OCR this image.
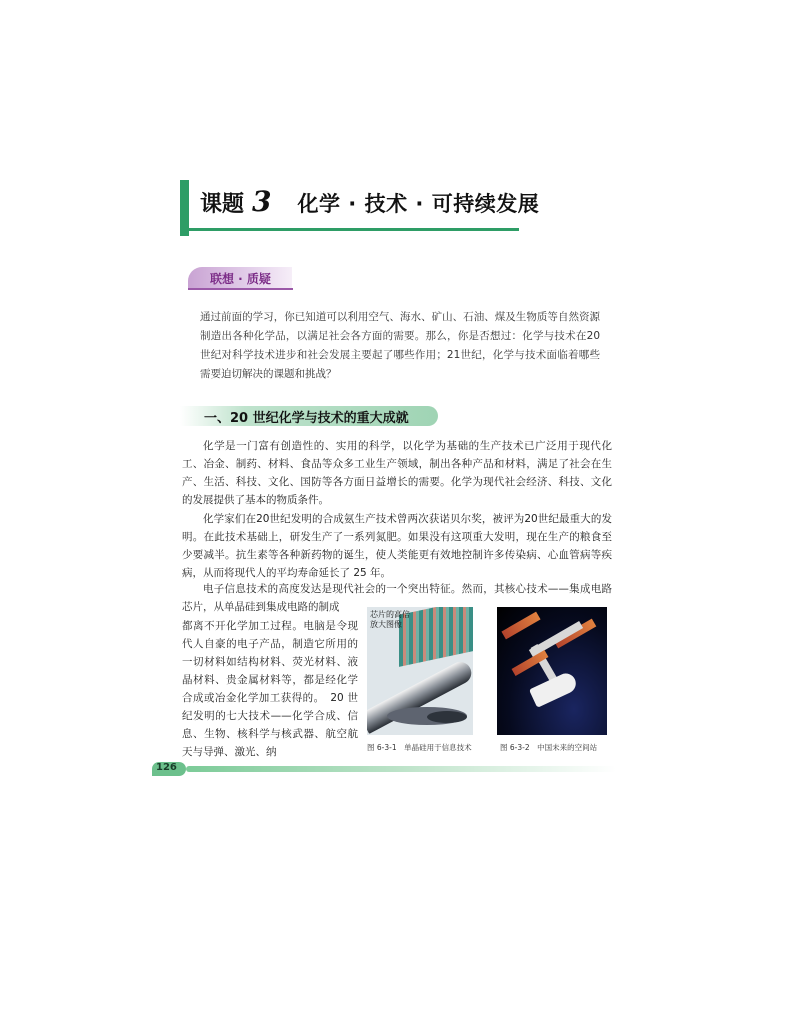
课题 3 化学 · 技术 · 可持续发展
联想 · 质疑

通过前面的学习，你已知道可以利用空气、海水、矿山、石油、煤及生物质等自然资源制造出各种化学品，以满足社会各方面的需要。那么，你是否想过：化学与技术在20世纪对科学技术进步和社会发展主要起了哪些作用；21世纪，化学与技术面临着哪些需要迫切解决的课题和挑战？

一、20 世纪化学与技术的重大成就

化学是一门富有创造性的、实用的科学，以化学为基础的生产技术已广泛用于现代化工、冶金、制药、材料、食品等众多工业生产领域，制出各种产品和材料，满足了社会在生产、生活、科技、文化、国防等各方面日益增长的需要。化学为现代社会经济、科技、文化的发展提供了基本的物质条件。

化学家们在20世纪发明的合成氨生产技术曾两次获诺贝尔奖，被评为20世纪最重大的发明。在此技术基础上，研发生产了一系列氮肥。如果没有这项重大发明，现在生产的粮食至少要减半。抗生素等各种新药物的诞生，使人类能更有效地控制许多传染病、心血管病等疾病，从而将现代人的平均寿命延长了 25 年。

电子信息技术的高度发达是现代社会的一个突出特征。然而，其核心技术——集成电路芯片，从单晶硅到集成电路的制成

都离不开化学加工过程。电脑是令现代人自豪的电子产品，制造它所用的一切材料如结构材料、荧光材料、液晶材料、贵金属材料等，都是经化学合成或冶金化学加工获得的。　20 世纪发明的七大技术——化学合成、信息、生物、核科学与核武器、航空航天与导弹、激光、纳

芯片的高倍放大图像
图 6-3-1　单晶硅用于信息技术	图 6-3-2　中国未来的空间站
126
